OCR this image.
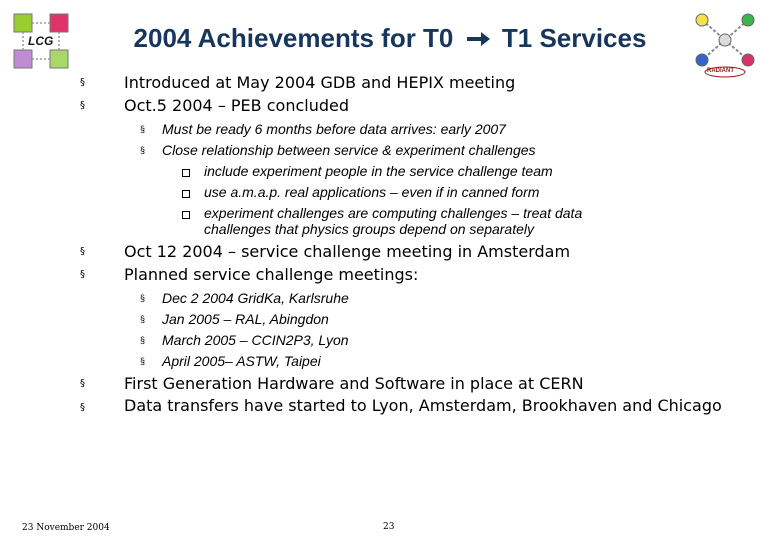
LCG	2004 Achievements for T0 T1 Services
RADIANT
§	Introduced at May 2004 GDB and HEPIX meeting
§	Oct.5 2004 – PEB concluded
§ Must be ready 6 months before data arrives: early 2007
§ Close relationship between service & experiment challenges
include experiment people in the service challenge team
use a.m.a.p. real applications – even if in canned form
experiment challenges are computing challenges – treat data challenges that physics groups depend on separately
§	Oct 12 2004 – service challenge meeting in Amsterdam
§	Planned service challenge meetings:
§ Dec 2 2004 GridKa, Karlsruhe
§ Jan 2005 – RAL, Abingdon
§ March 2005 – CCIN2P3, Lyon
§ April 2005– ASTW, Taipei
§	First Generation Hardware and Software in place at CERN
§	Data transfers have started to Lyon, Amsterdam, Brookhaven and Chicago
23 November 2004	23
